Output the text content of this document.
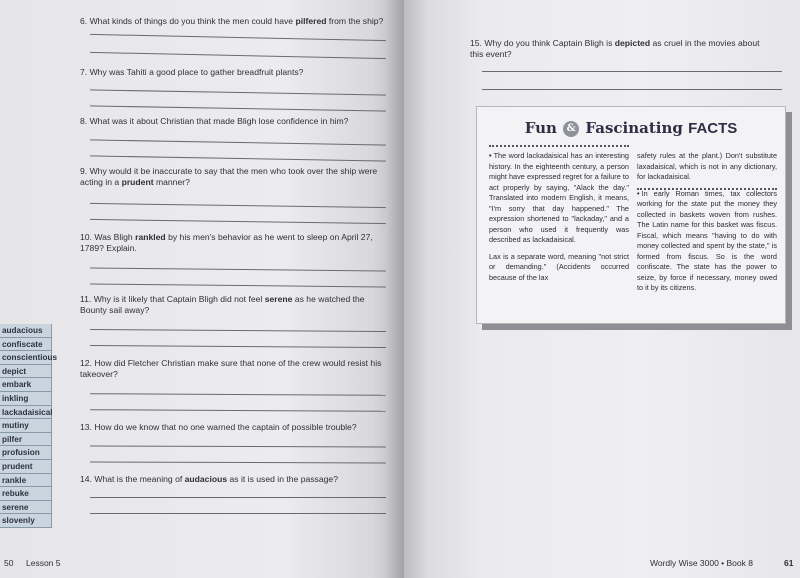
6. What kinds of things do you think the men could have pilfered from the ship?
7. Why was Tahiti a good place to gather breadfruit plants?
8. What was it about Christian that made Bligh lose confidence in him?
9. Why would it be inaccurate to say that the men who took over the ship were acting in a prudent manner?
10. Was Bligh rankled by his men's behavior as he went to sleep on April 27, 1789? Explain.
11. Why is it likely that Captain Bligh did not feel serene as he watched the Bounty sail away?
12. How did Fletcher Christian make sure that none of the crew would resist his takeover?
13. How do we know that no one warned the captain of possible trouble?
14. What is the meaning of audacious as it is used in the passage?
audacious
confiscate
conscientious
depict
embark
inkling
lackadaisical
mutiny
pilfer
profusion
prudent
rankle
rebuke
serene
slovenly
50 Lesson 5
15. Why do you think Captain Bligh is depicted as cruel in the movies about this event?
Fun & Fascinating FACTS

• The word lackadaisical has an interesting history. In the eighteenth century, a person might have expressed regret for a failure to act properly by saying, "Alack the day." Translated into modern English, it means, "I'm sorry that day happened." The expression shortened to "lackaday," and a person who used it frequently was described as lackadaisical.

Lax is a separate word, meaning "not strict or demanding." (Accidents occurred because of the lax

safety rules at the plant.) Don't substitute laxadaisical, which is not in any dictionary, for lackadaisical.

• In early Roman times, tax collectors working for the state put the money they collected in baskets woven from rushes. The Latin name for this basket was fiscus. Fiscal, which means "having to do with money collected and spent by the state," is formed from fiscus. So is the word confiscate. The state has the power to seize, by force if necessary, money owed to it by its citizens.

Wordly Wise 3000 • Book 8	61
